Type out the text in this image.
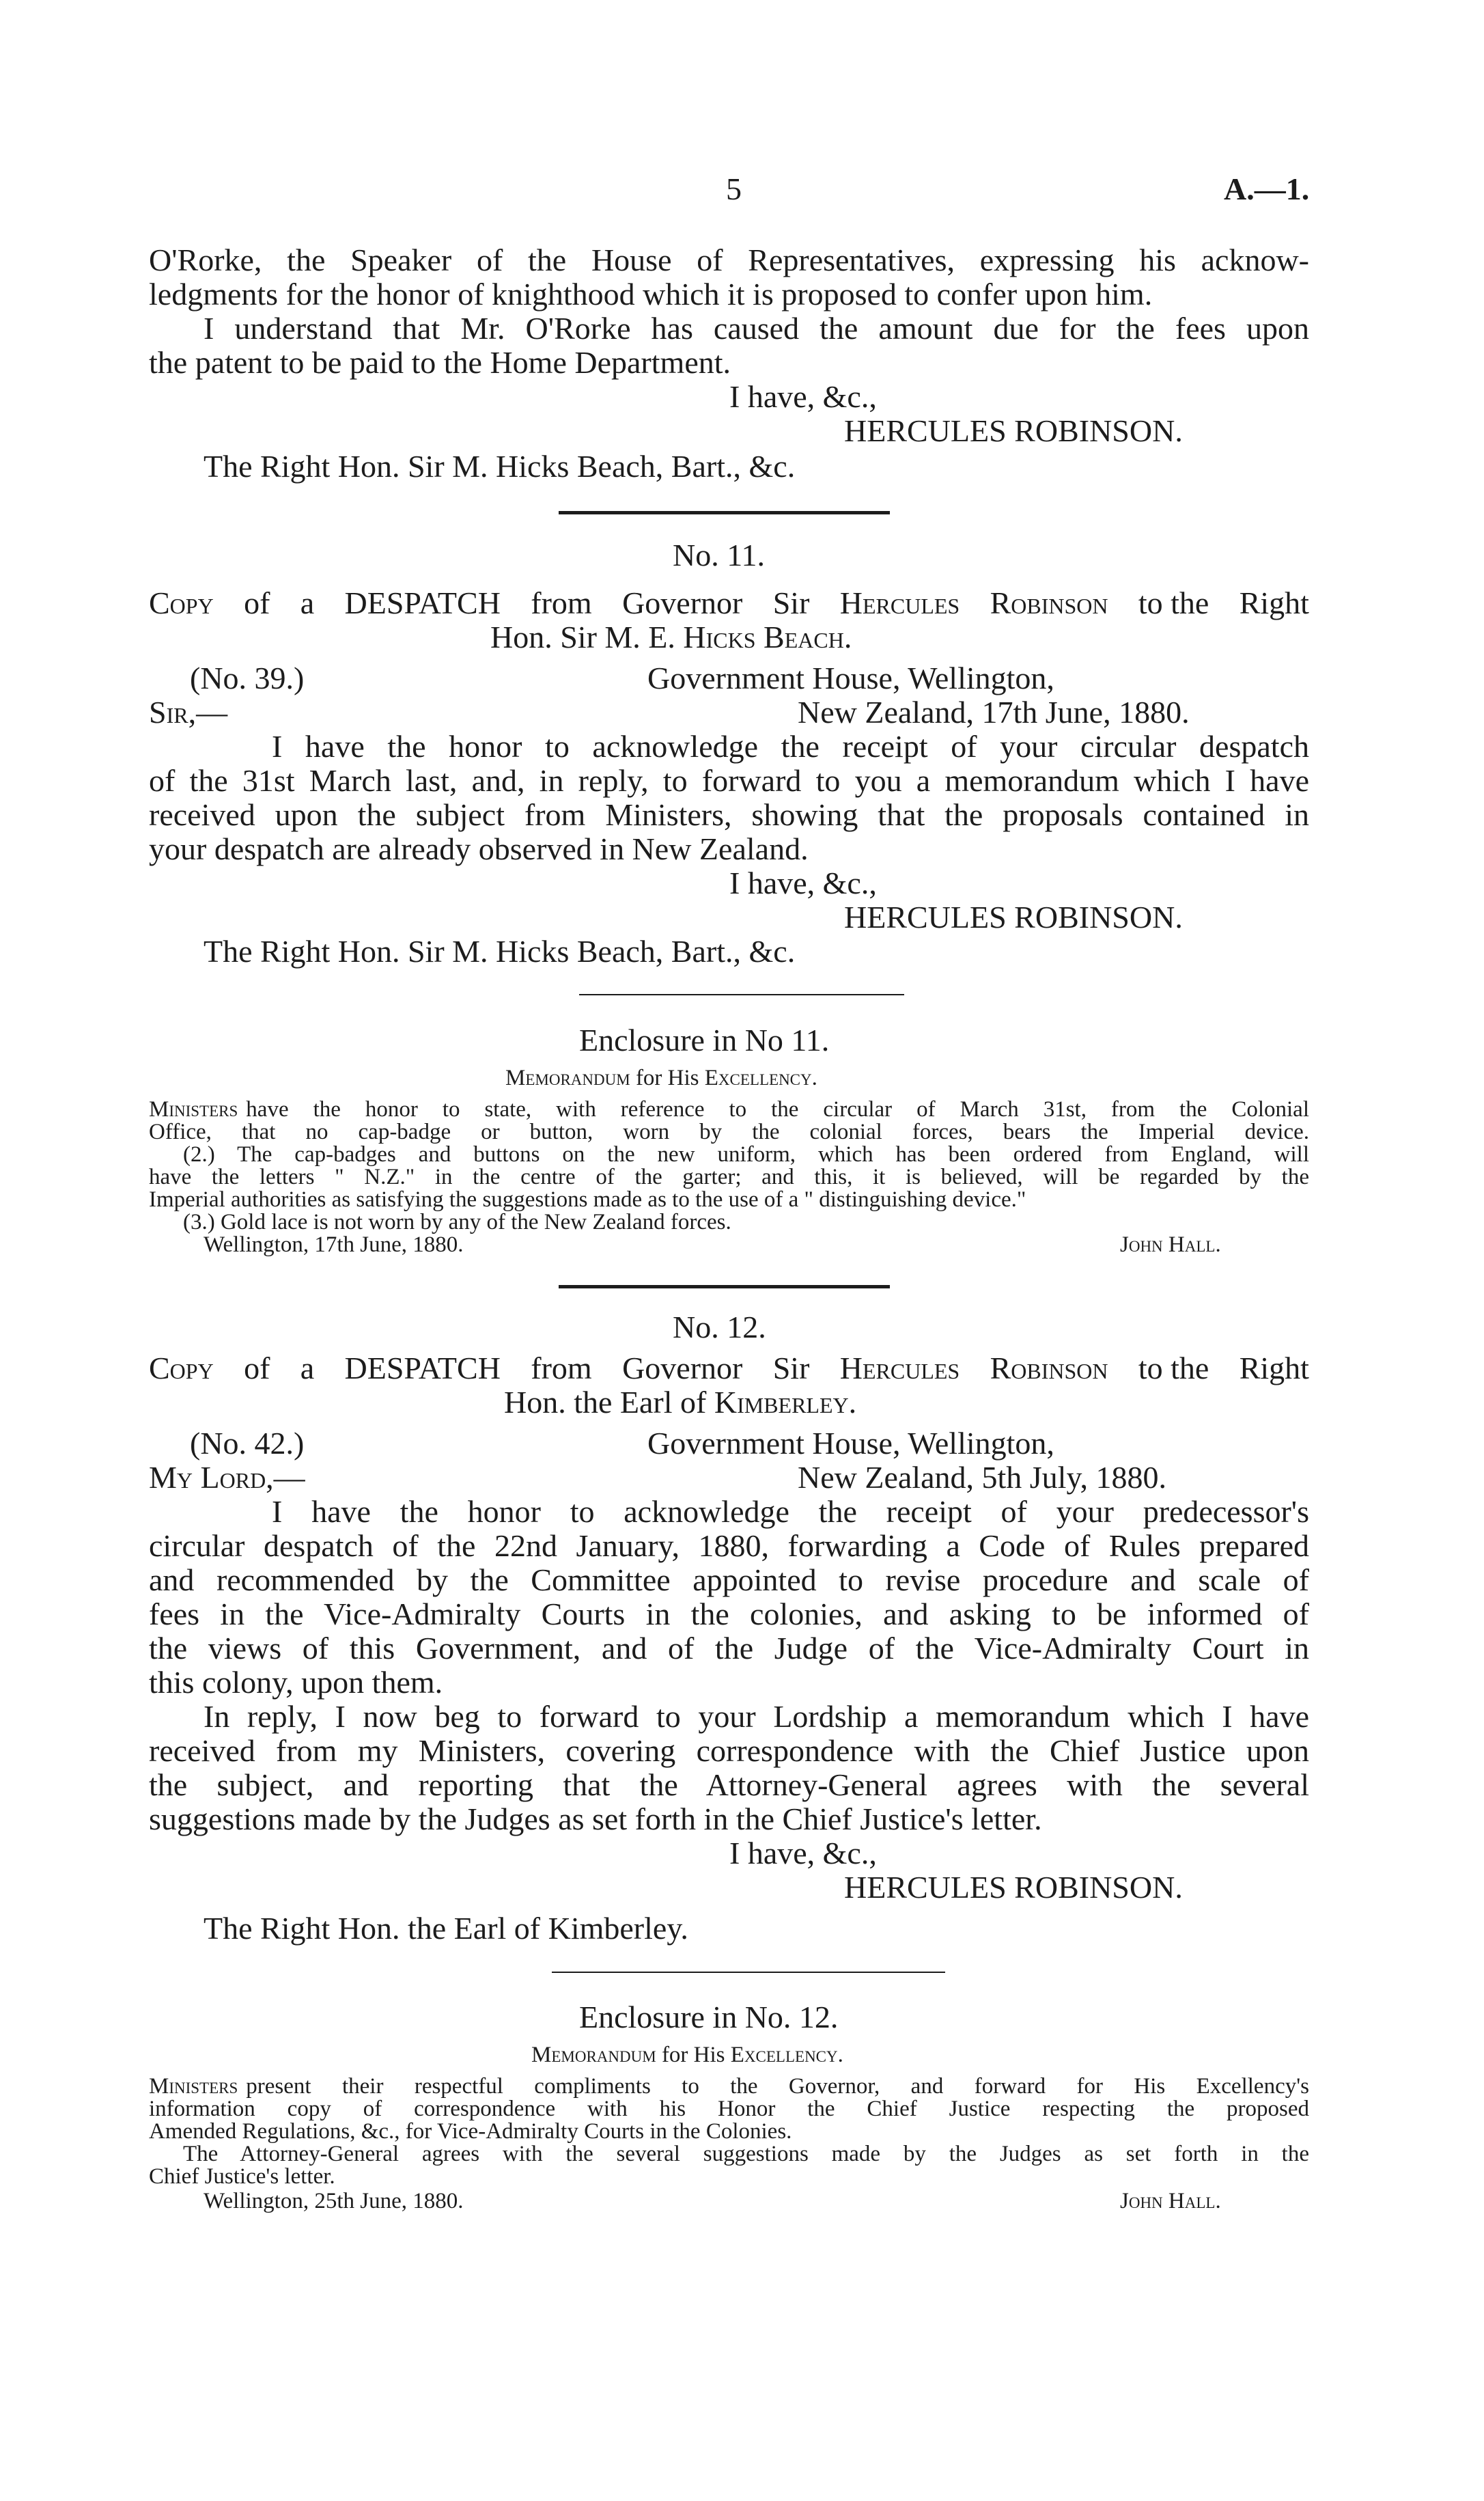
5	A.—1.
O'Rorke, the Speaker of the House of Representatives, expressing his acknow-
ledgments for the honor of knighthood which it is proposed to confer upon him.
I understand that Mr. O'Rorke has caused the amount due for the fees upon
the patent to be paid to the Home Department.
I have, &c.,
HERCULES ROBINSON.
The Right Hon. Sir M. Hicks Beach, Bart., &c.
No. 11.
Copy of a DESPATCH from Governor Sir Hercules Robinson to the Right
Hon. Sir M. E. Hicks Beach.
(No. 39.)	Government House, Wellington,
Sir,—	New Zealand, 17th June, 1880.
I have the honor to acknowledge the receipt of your circular despatch
of the 31st March last, and, in reply, to forward to you a memorandum which I have
received upon the subject from Ministers, showing that the proposals contained in
your despatch are already observed in New Zealand.
I have, &c.,
HERCULES ROBINSON.
The Right Hon. Sir M. Hicks Beach, Bart., &c.
Enclosure in No 11.
Memorandum for His Excellency.
Ministers have the honor to state, with reference to the circular of March 31st, from the Colonial
Office, that no cap-badge or button, worn by the colonial forces, bears the Imperial device.
(2.) The cap-badges and buttons on the new uniform, which has been ordered from England, will
have the letters " N.Z." in the centre of the garter; and this, it is believed, will be regarded by the
Imperial authorities as satisfying the suggestions made as to the use of a " distinguishing device."
(3.) Gold lace is not worn by any of the New Zealand forces.
Wellington, 17th June, 1880.	John Hall.
No. 12.
Copy of a DESPATCH from Governor Sir Hercules Robinson to the Right
Hon. the Earl of Kimberley.
(No. 42.)	Government House, Wellington,
My Lord,—	New Zealand, 5th July, 1880.
I have the honor to acknowledge the receipt of your predecessor's
circular despatch of the 22nd January, 1880, forwarding a Code of Rules prepared
and recommended by the Committee appointed to revise procedure and scale of
fees in the Vice-Admiralty Courts in the colonies, and asking to be informed of
the views of this Government, and of the Judge of the Vice-Admiralty Court in
this colony, upon them.
In reply, I now beg to forward to your Lordship a memorandum which I have
received from my Ministers, covering correspondence with the Chief Justice upon
the subject, and reporting that the Attorney-General agrees with the several
suggestions made by the Judges as set forth in the Chief Justice's letter.
I have, &c.,
HERCULES ROBINSON.
The Right Hon. the Earl of Kimberley.
Enclosure in No. 12.
Memorandum for His Excellency.
Ministers present their respectful compliments to the Governor, and forward for His Excellency's
information copy of correspondence with his Honor the Chief Justice respecting the proposed
Amended Regulations, &c., for Vice-Admiralty Courts in the Colonies.
The Attorney-General agrees with the several suggestions made by the Judges as set forth in the
Chief Justice's letter.
Wellington, 25th June, 1880.	John Hall.
